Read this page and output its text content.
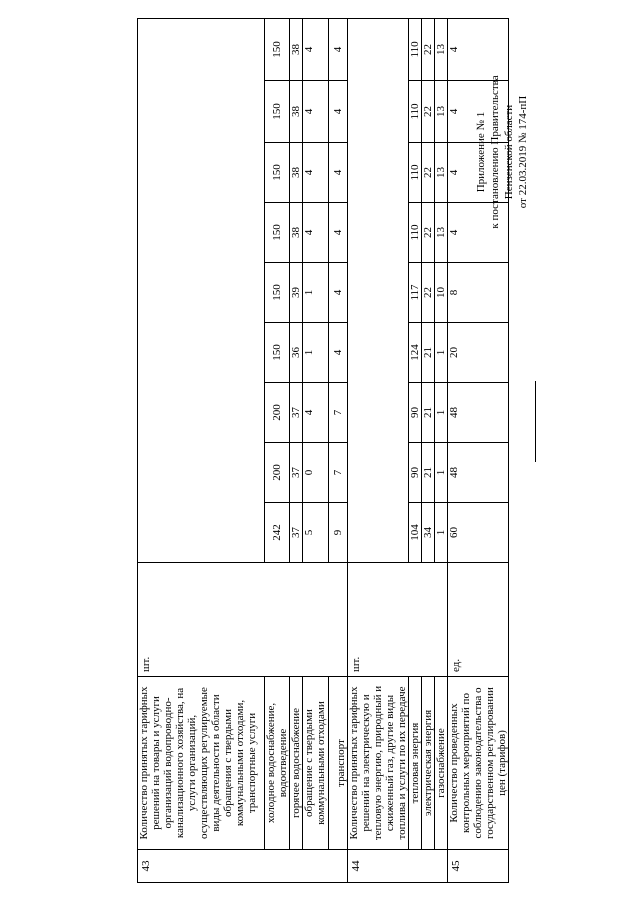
Приложение № 1 к постановлению Правительства Пензенской области от 22.03.2019 № 174-пП
43	Количество принятых тарифных решений на товары и услуги организаций водопроводно-канализационного хозяйства, на услуги организаций, осуществляющих регулируемые виды деятельности в области обращения с твердыми коммунальными отходами, транспортные услуги	шт.									
	холодное водоснабжение, водоотведение		242	200	200	150	150	150	150	150	150
	горячее водоснабжение		37	37	37	36	39	38	38	38	38
	обращение с твердыми коммунальными отходами		5	0	4	1	1	4	4	4	4
	транспорт		9	7	7	4	4	4	4	4	4
44	Количество принятых тарифных решений на электрическую и тепловую энергию, природный и сжиженный газ, другие виды топлива и услуги по их передаче	шт.									
	тепловая энергия		104	90	90	124	117	110	110	110	110
	электрическая энергия		34	21	21	21	22	22	22	22	22
	газоснабжение		1	1	1	1	10	13	13	13	13
45	Количество проведенных контрольных мероприятий по соблюдению законодательства о государственном регулировании цен (тарифов)	ед.	60	48	48	20	8	4	4	4	4
